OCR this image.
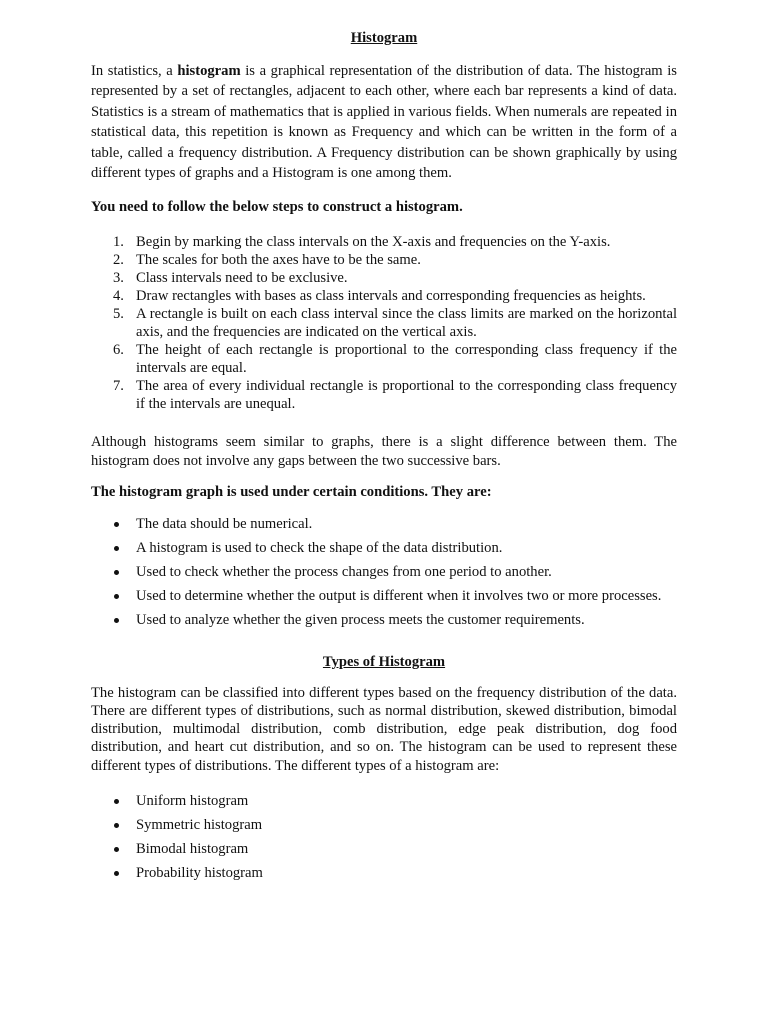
Histogram

In statistics, a histogram is a graphical representation of the distribution of data. The histogram is represented by a set of rectangles, adjacent to each other, where each bar represents a kind of data. Statistics is a stream of mathematics that is applied in various fields. When numerals are repeated in statistical data, this repetition is known as Frequency and which can be written in the form of a table, called a frequency distribution. A Frequency distribution can be shown graphically by using different types of graphs and a Histogram is one among them.

You need to follow the below steps to construct a histogram.

1. Begin by marking the class intervals on the X-axis and frequencies on the Y-axis.
2. The scales for both the axes have to be the same.
3. Class intervals need to be exclusive.
4. Draw rectangles with bases as class intervals and corresponding frequencies as heights.
5. A rectangle is built on each class interval since the class limits are marked on the horizontal axis, and the frequencies are indicated on the vertical axis.
6. The height of each rectangle is proportional to the corresponding class frequency if the intervals are equal.
7. The area of every individual rectangle is proportional to the corresponding class frequency if the intervals are unequal.

Although histograms seem similar to graphs, there is a slight difference between them. The histogram does not involve any gaps between the two successive bars.

The histogram graph is used under certain conditions. They are:

The data should be numerical.
A histogram is used to check the shape of the data distribution.
Used to check whether the process changes from one period to another.
Used to determine whether the output is different when it involves two or more processes.
Used to analyze whether the given process meets the customer requirements.
Types of Histogram

The histogram can be classified into different types based on the frequency distribution of the data. There are different types of distributions, such as normal distribution, skewed distribution, bimodal distribution, multimodal distribution, comb distribution, edge peak distribution, dog food distribution, and heart cut distribution, and so on. The histogram can be used to represent these different types of distributions. The different types of a histogram are:

Uniform histogram
Symmetric histogram
Bimodal histogram
Probability histogram
